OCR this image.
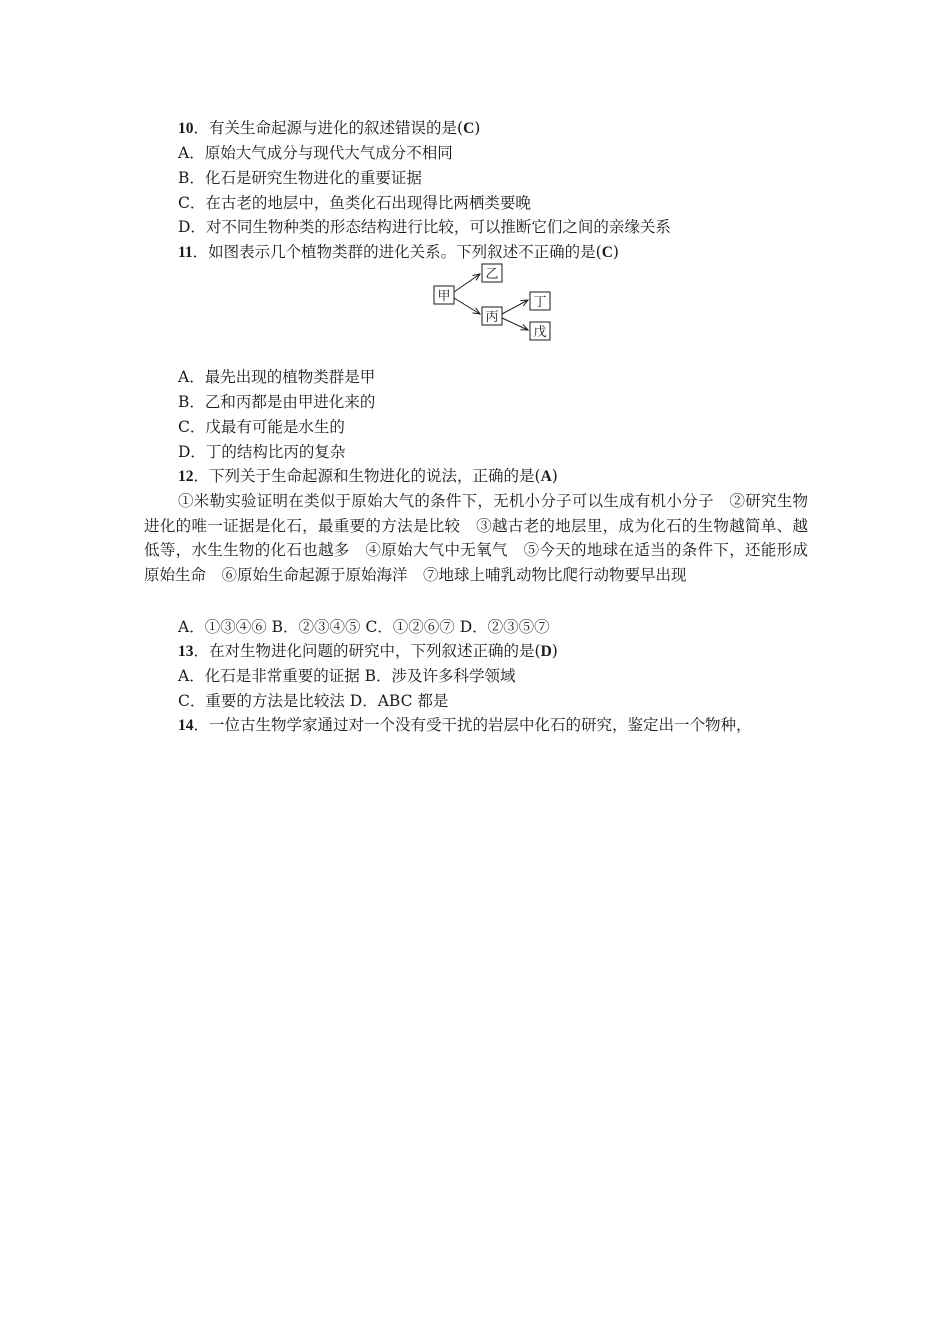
10．有关生命起源与进化的叙述错误的是(C)
A．原始大气成分与现代大气成分不相同
B．化石是研究生物进化的重要证据
C．在古老的地层中，鱼类化石出现得比两栖类要晚
D．对不同生物种类的形态结构进行比较，可以推断它们之间的亲缘关系
11．如图表示几个植物类群的进化关系。下列叙述不正确的是(C)
甲
乙
丙
丁
戊
A．最先出现的植物类群是甲
B．乙和丙都是由甲进化来的
C．戊最有可能是水生的
D．丁的结构比丙的复杂
12．下列关于生命起源和生物进化的说法，正确的是(A)
①米勒实验证明在类似于原始大气的条件下，无机小分子可以生成有机小分子　②研究生物进化的唯一证据是化石，最重要的方法是比较　③越古老的地层里，成为化石的生物越简单、越低等，水生生物的化石也越多　④原始大气中无氧气　⑤今天的地球在适当的条件下，还能形成原始生命　⑥原始生命起源于原始海洋　⑦地球上哺乳动物比爬行动物要早出现
A．①③④⑥ B．②③④⑤ C．①②⑥⑦ D．②③⑤⑦
13．在对生物进化问题的研究中，下列叙述正确的是(D)
A．化石是非常重要的证据 B．涉及许多科学领域
C．重要的方法是比较法 D．ABC 都是
14．一位古生物学家通过对一个没有受干扰的岩层中化石的研究，鉴定出一个物种，
